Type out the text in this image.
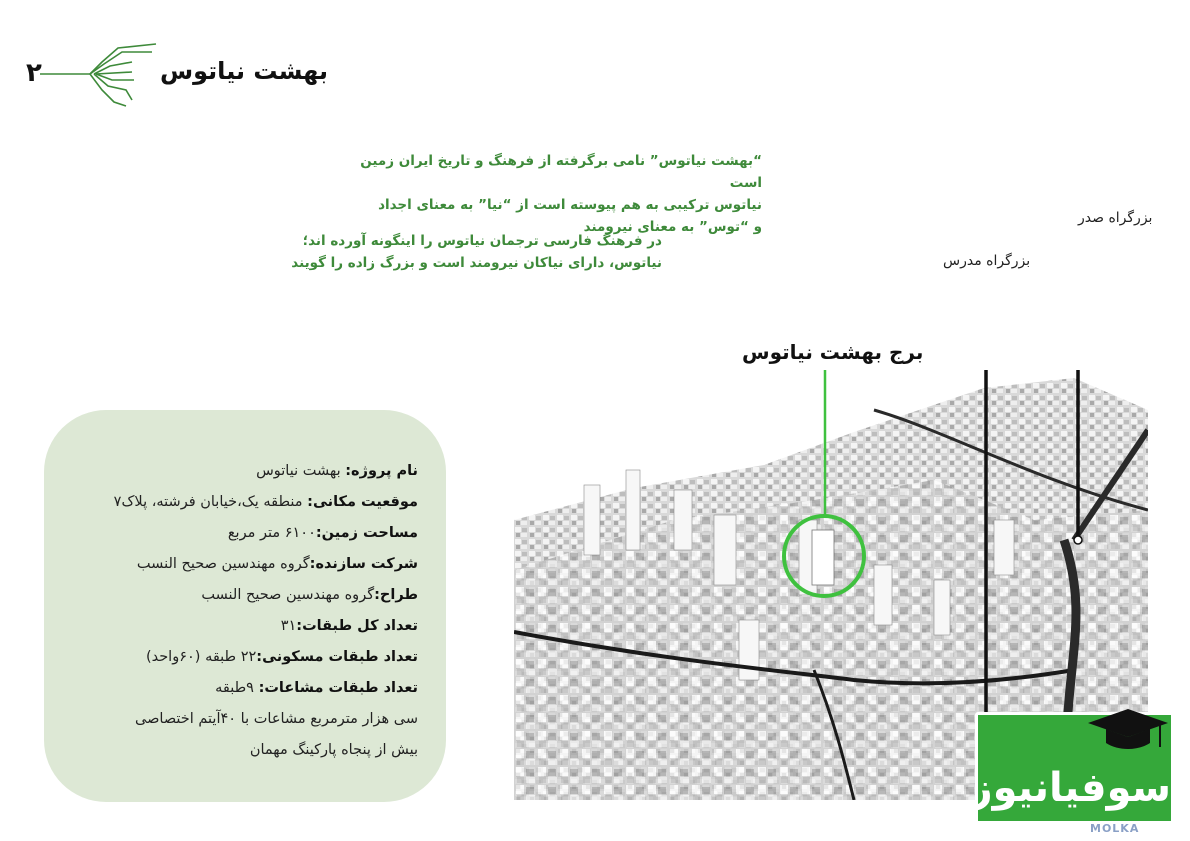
۲	بهشت نیاتوس
“بهشت نیاتوس” نامی برگرفته از فرهنگ و تاریخ ایران زمین است
نیاتوس ترکیبی به هم پیوسته است از “نیا” به معنای اجداد
و “توس” به معنای نیرومند
در فرهنگ فارسی ترجمان نیاتوس را اینگونه آورده اند؛
نیاتوس، دارای نیاکان نیرومند است و بزرگ زاده را گویند
نام پروژه: بهشت نیاتوس
موقعیت مکانی: منطقه یک،خیابان فرشته، پلاک۷
مساحت زمین:۶۱۰۰ متر مربع
شرکت سازنده:گروه مهندسین صحیح النسب
طراح:گروه مهندسین صحیح النسب
تعداد کل طبقات:۳۱
تعداد طبقات مسکونی:۲۲ طبقه (۶۰واحد)
تعداد طبقات مشاعات: ۹طبقه
سی هزار مترمربع مشاعات با ۴۰آیتم اختصاصی
بیش از پنجاه پارکینگ مهمان
بزرگراه صدر
بزرگراه مدرس
برج بهشت نیاتوس
سوفیانیوز
MOLKA
